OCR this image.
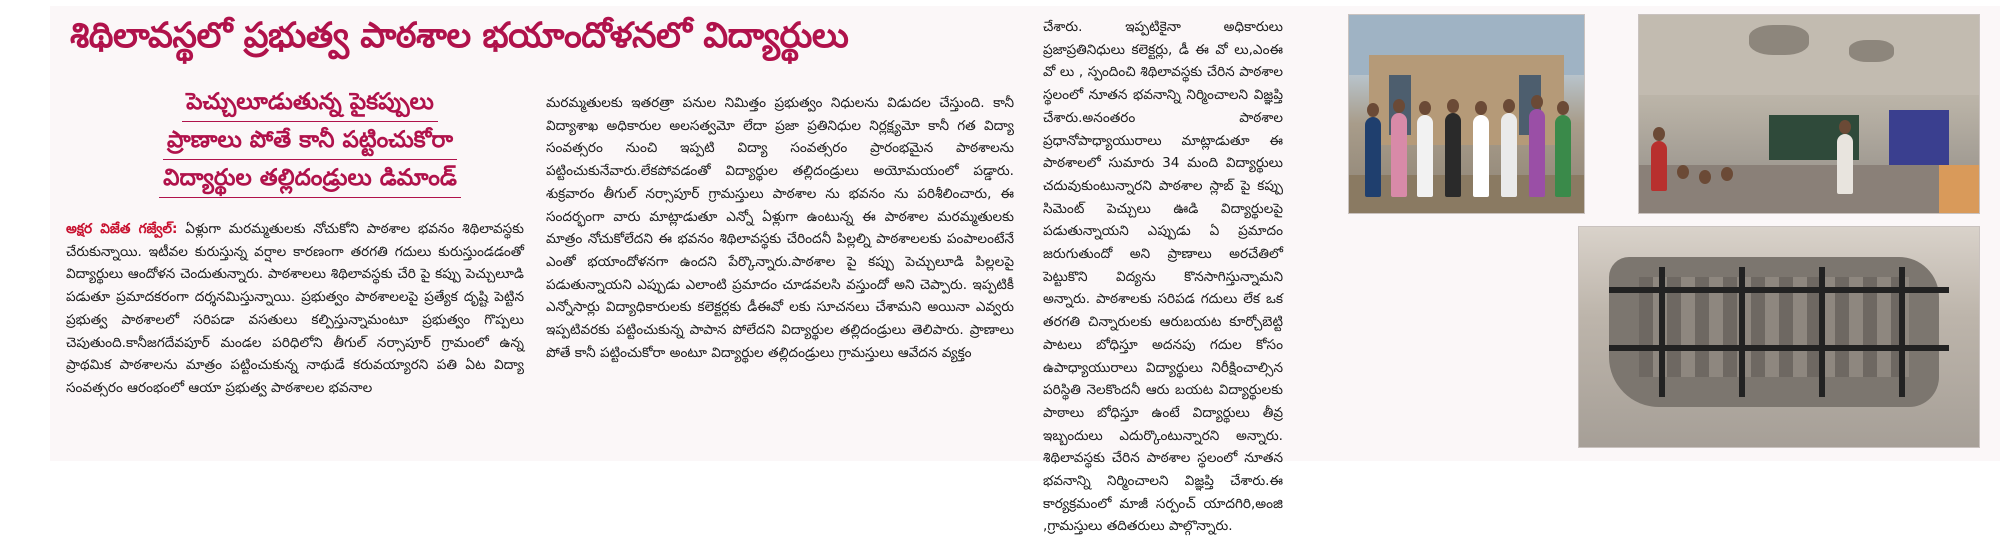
శిథిలావస్థలో ప్రభుత్వ పాఠశాల భయాందోళనలో విద్యార్థులు
పెచ్చులూడుతున్న పైకప్పులు
ప్రాణాలు పోతే కానీ పట్టించుకోరా
విద్యార్థుల తల్లిదండ్రులు డిమాండ్
అక్షర విజేత గజ్వేల్: ఏళ్లుగా మరమ్మతులకు నోచుకోని పాఠశాల భవనం శిథిలావస్థకు చేరుకున్నాయి. ఇటీవల కురుస్తున్న వర్షాల కారణంగా తరగతి గదులు కురుస్తుండడంతో విద్యార్థులు ఆందోళన చెందుతున్నారు. పాఠశాలలు శిథిలావస్థకు చేరి పై కప్పు పెచ్చులూడి పడుతూ ప్రమాదకరంగా దర్శనమిస్తున్నాయి. ప్రభుత్వం పాఠశాలలపై ప్రత్యేక దృష్టి పెట్టిన ప్రభుత్వ పాఠశాలలో సరిపడా వసతులు కల్పిస్తున్నామంటూ ప్రభుత్వం గొప్పలు చెపుతుంది.కానీజగదేవపూర్ మండల పరిధిలోని తీగుల్ నర్సాపూర్ గ్రామంలో ఉన్న ప్రాథమిక పాఠశాలను మాత్రం పట్టించుకున్న నాథుడే కరువయ్యారని పతి ఏట విద్యా సంవత్సరం ఆరంభంలో ఆయా ప్రభుత్వ పాఠశాలల భవనాల
మరమ్మతులకు ఇతరత్రా పనుల నిమిత్తం ప్రభుత్వం నిధులను విడుదల చేస్తుంది. కానీ విద్యాశాఖ అధికారుల అలసత్వమో లేదా ప్రజా ప్రతినిధుల నిర్లక్ష్యమో కానీ గత విద్యా సంవత్సరం నుంచి ఇప్పటి విద్యా సంవత్సరం ప్రారంభమైన పాఠశాలను పట్టించుకునేవారు.లేకపోవడంతో విద్యార్థుల తల్లిదండ్రులు అయోమయంలో పడ్డారు. శుక్రవారం తీగుల్ నర్సాపూర్ గ్రామస్తులు పాఠశాల ను భవనం ను పరిశీలించారు, ఈ సందర్భంగా వారు మాట్లాడుతూ ఎన్నో ఏళ్లుగా ఉంటున్న ఈ పాఠశాల మరమ్మతులకు మాత్రం నోచుకోలేదని ఈ భవనం శిథిలావస్థకు చేరిందనీ పిల్లల్ని పాఠశాలలకు పంపాలంటేనే ఎంతో భయాందోళనగా ఉందని పేర్కొన్నారు.పాఠశాల పై కప్పు పెచ్చులూడి పిల్లలపై పడుతున్నాయని ఎప్పుడు ఎలాంటి ప్రమాదం చూడవలసి వస్తుందో అని చెప్పారు. ఇప్పటికీ ఎన్నోసార్లు విద్యాధికారులకు కలెక్టర్లకు డీఈవో లకు సూచనలు చేశామని అయినా ఎవ్వరు ఇప్పటివరకు పట్టించుకున్న పాపాన పోలేదని విద్యార్థుల తల్లిదండ్రులు తెలిపారు. ప్రాణాలు పోతే కానీ పట్టించుకోరా అంటూ విద్యార్థుల తల్లిదండ్రులు గ్రామస్తులు ఆవేదన వ్యక్తం
చేశారు. ఇప్పటికైనా అధికారులు ప్రజాప్రతినిధులు కలెక్టర్లు, డీ ఈ వో లు,ఎంఈ వో లు , స్పందించి శిథిలావస్థకు చేరిన పాఠశాల స్థలంలో నూతన భవనాన్ని నిర్మించాలని విజ్ఞప్తి చేశారు.అనంతరం పాఠశాల ప్రధానోపాధ్యాయురాలు మాట్లాడుతూ ఈ పాఠశాలలో సుమారు 34 మంది విద్యార్థులు చదువుకుంటున్నారని పాఠశాల స్లాబ్ పై కప్పు సిమెంట్ పెచ్చులు ఊడి విద్యార్థులపై పడుతున్నాయని ఎప్పుడు ఏ ప్రమాదం జరుగుతుందో అని ప్రాణాలు అరచేతిలో పెట్టుకొని విద్యను కొనసాగిస్తున్నామని అన్నారు. పాఠశాలకు సరిపడ గదులు లేక ఒక తరగతి చిన్నారులకు ఆరుబయట కూర్చోబెట్టి పాటలు బోధిస్తూ అదనపు గదుల కోసం ఉపాధ్యాయురాలు విద్యార్థులు నిరీక్షించాల్సిన పరిస్థితి నెలకొందనీ ఆరు బయట విద్యార్థులకు పాఠాలు బోధిస్తూ ఉంటే విద్యార్థులు తీవ్ర ఇబ్బందులు ఎదుర్కొంటున్నారని అన్నారు. శిథిలావస్థకు చేరిన పాఠశాల స్థలంలో నూతన భవనాన్ని నిర్మించాలని విజ్ఞప్తి చేశారు.ఈ కార్యక్రమంలో మాజీ సర్పంచ్ యాదగిరి,అంజి ,గ్రామస్తులు తదితరులు పాల్గొన్నారు.
